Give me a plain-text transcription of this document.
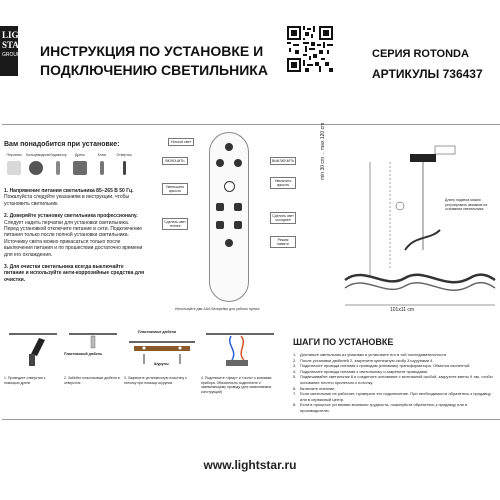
LIGHT
STAR
GROUP ИНСТРУКЦИЯ ПО УСТАНОВКЕ И
ПОДКЛЮЧЕНИЮ СВЕТИЛЬНИКА
СЕРИЯ ROTONDA
АРТИКУЛЫ 736437
Вам понадобится при установке:
Перчатки	Кольцевидное Индикатор	Дрель	Ключ	Отвертка

1. Напряжение питания светильника 85–265 В 50 Гц. Пожалуйста следуйте указаниям в инструкции, чтобы установить светильник.

2. Доверяйте установку светильника профессионалу. Следует надеть перчатки для установки светильника. Перед установкой отключите питание в сети. Подключение питания только после полной установки светильника. Источнику света можно прикасаться только после выключения питания и по прошествии достаточно времени для его охлаждения.

3. Для очистки светильника всегда выключайте питание и используйте анти-коррозийные средства для очистки.

Ночной свет
ВКЛЮЧИТЬ	ВЫКЛЮЧИТЬ
Уменьшить яркость
Увеличить яркость
Сделать свет теплее
Сделать свет холоднее
Режим памяти
Используйте две ААА батарейки для работы пульта
min 30 cm ... max 120 cm
101x11 cm
Длину подвеса можно регулировать зажимом на основании светильника
1. Проведите отверстия с помощью дрели
Пластиковый дюбель
2. Забейте пластиковые дюбели в отверстия
Пластиковые дюбели
Шурупы
3. Закрепите установочную пластину к потолку при помощи шурупов
4. Подключите «фазу» и «ноль» к клеммам прибора. Обязательно подключите к заземляющему проводу (для заземляемых конструкций)
ШАГИ ПО УСТАНОВКЕ
1. Достаньте светильник из упаковки и установите его в той последовательности
2. После установки дюбелей 2, закрепите крепежную скобу 3 шурупами 4.
3. Подключите провода питания к проводам (клеммам) трансформатора. Обмотка изолентой.
4. Подключите провода питания к светильнику и закрепите проводами.
5. Подвешивайте светильник 8 и соедините основание с монтажной скобой, закрутите винты 9 так, чтобы основание плотно прилегало к потолку.
6. Включите питание.
7. Если светильник не работает, проверьте его подключение. При необходимости обратитесь к продавцу или в сервисный центр.
8. Если в процессе установки возникли трудности, пожалуйста обратитесь к продавцу или в производителю.
www.lightstar.ru
